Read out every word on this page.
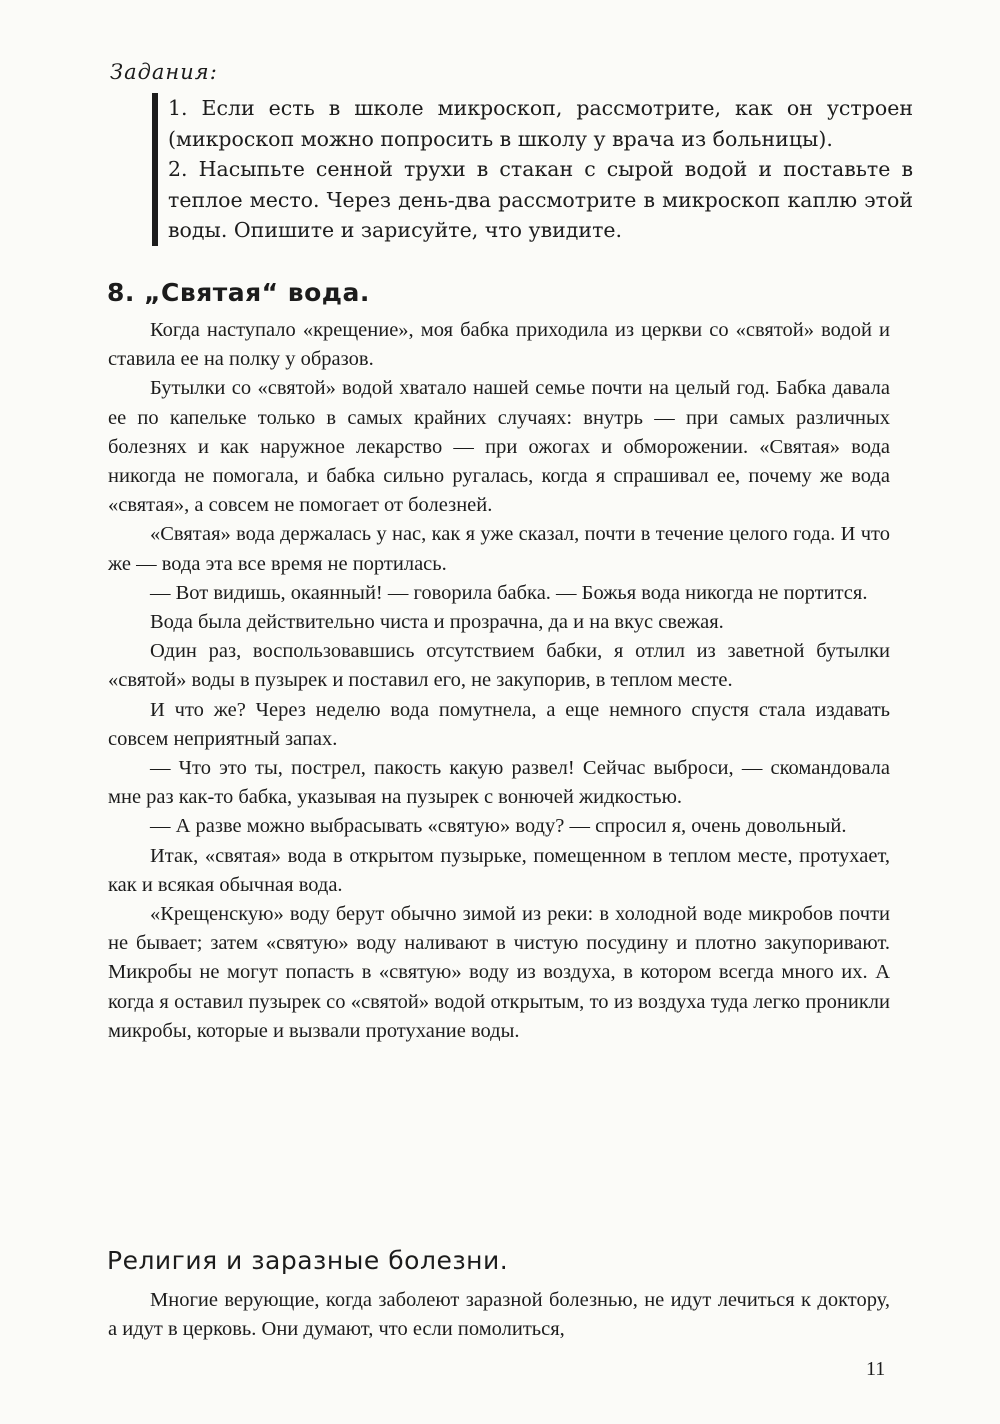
Задания:

1. Если есть в школе микроскоп, рассмотрите, как он устроен (микроскоп можно попросить в школу у врача из больницы).

2. Насыпьте сенной трухи в стакан с сырой водой и поставьте в теплое место. Через день-два рассмотрите в микроскоп каплю этой воды. Опишите и зарисуйте, что увидите.

8. „Святая“ вода.

Когда наступало «крещение», моя бабка приходила из церкви со «святой» водой и ставила ее на полку у образов.

Бутылки со «святой» водой хватало нашей семье почти на целый год. Бабка давала ее по капельке только в самых крайних случаях: внутрь — при самых различных болезнях и как наружное лекарство — при ожогах и обморожении. «Святая» вода никогда не помогала, и бабка сильно ругалась, когда я спрашивал ее, почему же вода «святая», а совсем не помогает от болезней.

«Святая» вода держалась у нас, как я уже сказал, почти в течение целого года. И что же — вода эта все время не портилась.

— Вот видишь, окаянный! — говорила бабка. — Божья вода никогда не портится.

Вода была действительно чиста и прозрачна, да и на вкус свежая.

Один раз, воспользовавшись отсутствием бабки, я отлил из заветной бутылки «святой» воды в пузырек и поставил его, не закупорив, в теплом месте.

И что же? Через неделю вода помутнела, а еще немного спустя стала издавать совсем неприятный запах.

— Что это ты, пострел, пакость какую развел! Сейчас выброси, — скомандовала мне раз как-то бабка, указывая на пузырек с вонючей жидкостью.

— А разве можно выбрасывать «святую» воду? — спросил я, очень довольный.

Итак, «святая» вода в открытом пузырьке, помещенном в теплом месте, протухает, как и всякая обычная вода.

«Крещенскую» воду берут обычно зимой из реки: в холодной воде микробов почти не бывает; затем «святую» воду наливают в чистую посудину и плотно закупоривают. Микробы не могут попасть в «святую» воду из воздуха, в котором всегда много их. А когда я оставил пузырек со «святой» водой открытым, то из воздуха туда легко проникли микробы, которые и вызвали протухание воды.

Религия и заразные болезни.

Многие верующие, когда заболеют заразной болезнью, не идут лечиться к доктору, а идут в церковь. Они думают, что если помолиться,

11
